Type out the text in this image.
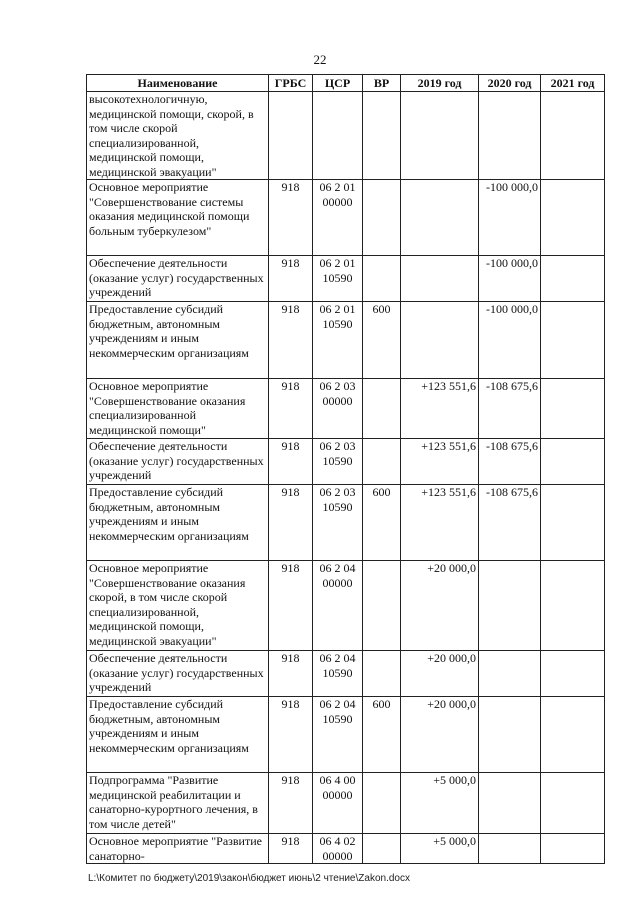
22
Наименование	ГРБС	ЦСР	ВР	2019 год	2020 год	2021 год
высокотехнологичную, медицинской помощи, скорой, в том числе скорой специализированной, медицинской помощи, медицинской эвакуации"						
Основное мероприятие "Совершенствование системы оказания медицинской помощи больным туберкулезом"	918	06 2 01 00000			-100 000,0	
Обеспечение деятельности (оказание услуг) государственных учреждений	918	06 2 01 10590			-100 000,0	
Предоставление субсидий бюджетным, автономным учреждениям и иным некоммерческим организациям	918	06 2 01 10590	600		-100 000,0	
Основное мероприятие "Совершенствование оказания специализированной медицинской помощи"	918	06 2 03 00000		+123 551,6	-108 675,6	
Обеспечение деятельности (оказание услуг) государственных учреждений	918	06 2 03 10590		+123 551,6	-108 675,6	
Предоставление субсидий бюджетным, автономным учреждениям и иным некоммерческим организациям	918	06 2 03 10590	600	+123 551,6	-108 675,6	
Основное мероприятие "Совершенствование оказания скорой, в том числе скорой специализированной, медицинской помощи, медицинской эвакуации"	918	06 2 04 00000		+20 000,0		
Обеспечение деятельности (оказание услуг) государственных учреждений	918	06 2 04 10590		+20 000,0		
Предоставление субсидий бюджетным, автономным учреждениям и иным некоммерческим организациям	918	06 2 04 10590	600	+20 000,0		
Подпрограмма "Развитие медицинской реабилитации и санаторно-курортного лечения, в том числе детей"	918	06 4 00 00000		+5 000,0		
Основное мероприятие "Развитие санаторно-	918	06 4 02 00000		+5 000,0		
L:\Комитет по бюджету\2019\закон\бюджет июнь\2 чтение\Zakon.docx
